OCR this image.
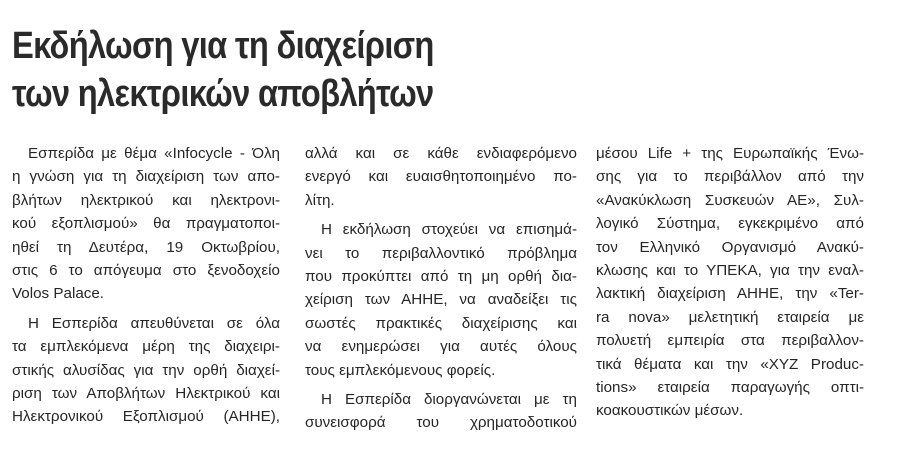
Εκδήλωση για τη διαχείριση
των ηλεκτρικών αποβλήτων
Εσπερίδα με θέμα «Infocycle - Όλη
η γνώση για τη διαχείριση των απο-
βλήτων ηλεκτρικού και ηλεκτρονι-
κού εξοπλισμού» θα πραγματοποι-
ηθεί τη Δευτέρα, 19 Οκτωβρίου,
στις 6 το απόγευμα στο ξενοδοχείο
Volos Palace.
Η Εσπερίδα απευθύνεται σε όλα
τα εμπλεκόμενα μέρη της διαχειρι-
στικής αλυσίδας για την ορθή διαχεί-
ριση των Αποβλήτων Ηλεκτρικού και
Ηλεκτρονικού Εξοπλισμού (ΑΗΗΕ),
αλλά και σε κάθε ενδιαφερόμενο
ενεργό και ευαισθητοποιημένο πο-
λίτη.
Η εκδήλωση στοχεύει να επισημά-
νει το περιβαλλοντικό πρόβλημα
που προκύπτει από τη μη ορθή δια-
χείριση των ΑΗΗΕ, να αναδείξει τις
σωστές πρακτικές διαχείρισης και
να ενημερώσει για αυτές όλους
τους εμπλεκόμενους φορείς.
Η Εσπερίδα διοργανώνεται με τη
συνεισφορά του χρηματοδοτικού
μέσου Life + της Ευρωπαϊκής Ένω-
σης για το περιβάλλον από την
«Ανακύκλωση Συσκευών ΑΕ», Συλ-
λογικό Σύστημα, εγκεκριμένο από
τον Ελληνικό Οργανισμό Ανακύ-
κλωσης και το ΥΠΕΚΑ, για την εναλ-
λακτική διαχείριση ΑΗΗΕ, την «Ter-
ra nova» μελετητική εταιρεία με
πολυετή εμπειρία στα περιβαλλον-
τικά θέματα και την «XYZ Produc-
tions» εταιρεία παραγωγής οπτι-
κοακουστικών μέσων.
